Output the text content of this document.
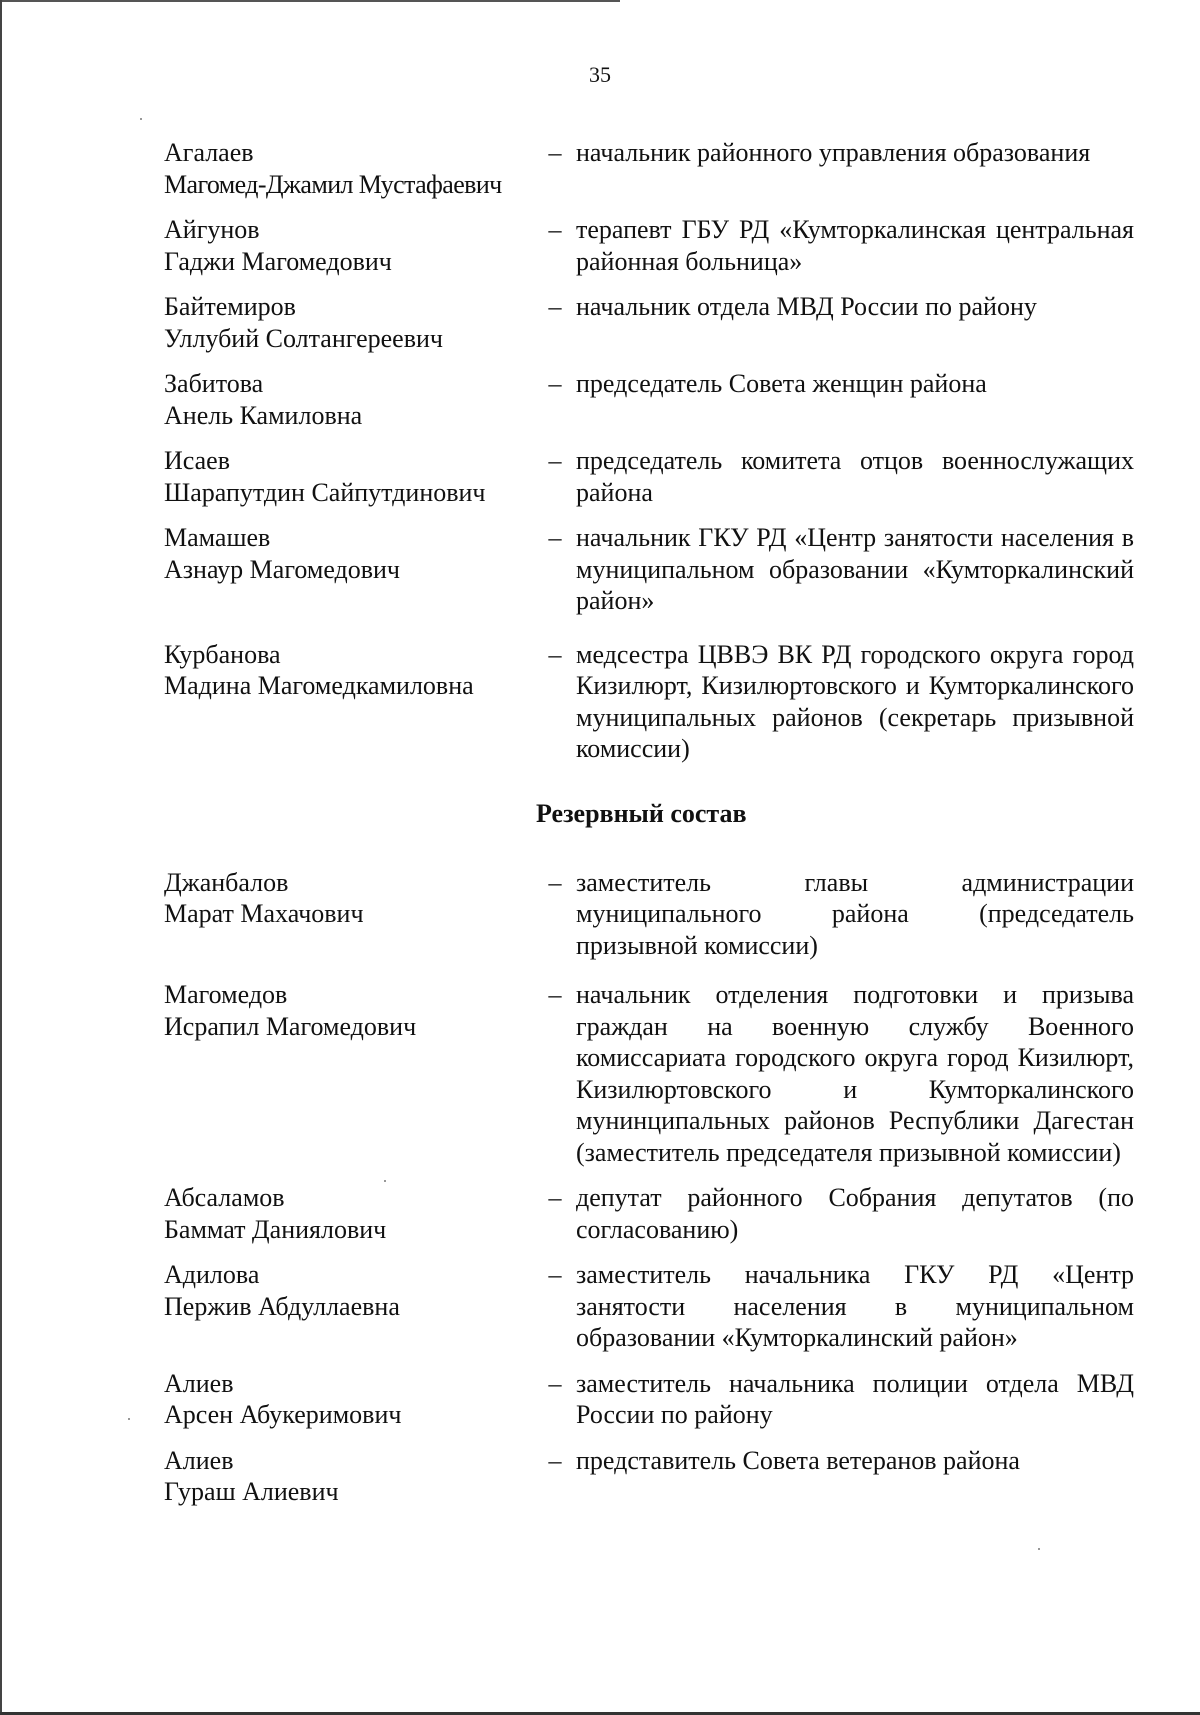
35
Агалаев
Магомед-Джамил Мустафаевич
– начальник районного управления образования
Айгунов
Гаджи Магомедович
– терапевт ГБУ РД «Кумторкалинская центральная районная больница»
Байтемиров
Уллубий Солтангереевич
– начальник отдела МВД России по району
Забитова
Анель Камиловна
– председатель Совета женщин района
Исаев
Шарапутдин Сайпутдинович
– председатель комитета отцов военнослужащих района
Мамашев
Азнаур Магомедович
– начальник ГКУ РД «Центр занятости населения в муниципальном образовании «Кумторкалинский район»
Курбанова
Мадина Магомедкамиловна
– медсестра ЦВВЭ ВК РД городского округа город Кизилюрт, Кизилюртовского и Кумторкалинского муниципальных районов (секретарь призывной комиссии)
Резервный состав
Джанбалов
Марат Махачович
– заместитель главы администрации муниципального района (председатель призывной комиссии)
Магомедов
Исрапил Магомедович
– начальник отделения подготовки и призыва граждан на военную службу Военного комиссариата городского округа город Кизилюрт, Кизилюртовского и Кумторкалинского мунинципальных районов Республики Дагестан (заместитель председателя призывной комиссии)
Абсаламов
Баммат Даниялович
– депутат районного Собрания депутатов (по согласованию)
Адилова
Пержив Абдуллаевна
– заместитель начальника ГКУ РД «Центр занятости населения в муниципальном образовании «Кумторкалинский район»
Алиев
Арсен Абукеримович
– заместитель начальника полиции отдела МВД России по району
Алиев
Гураш Алиевич
– представитель Совета ветеранов района
